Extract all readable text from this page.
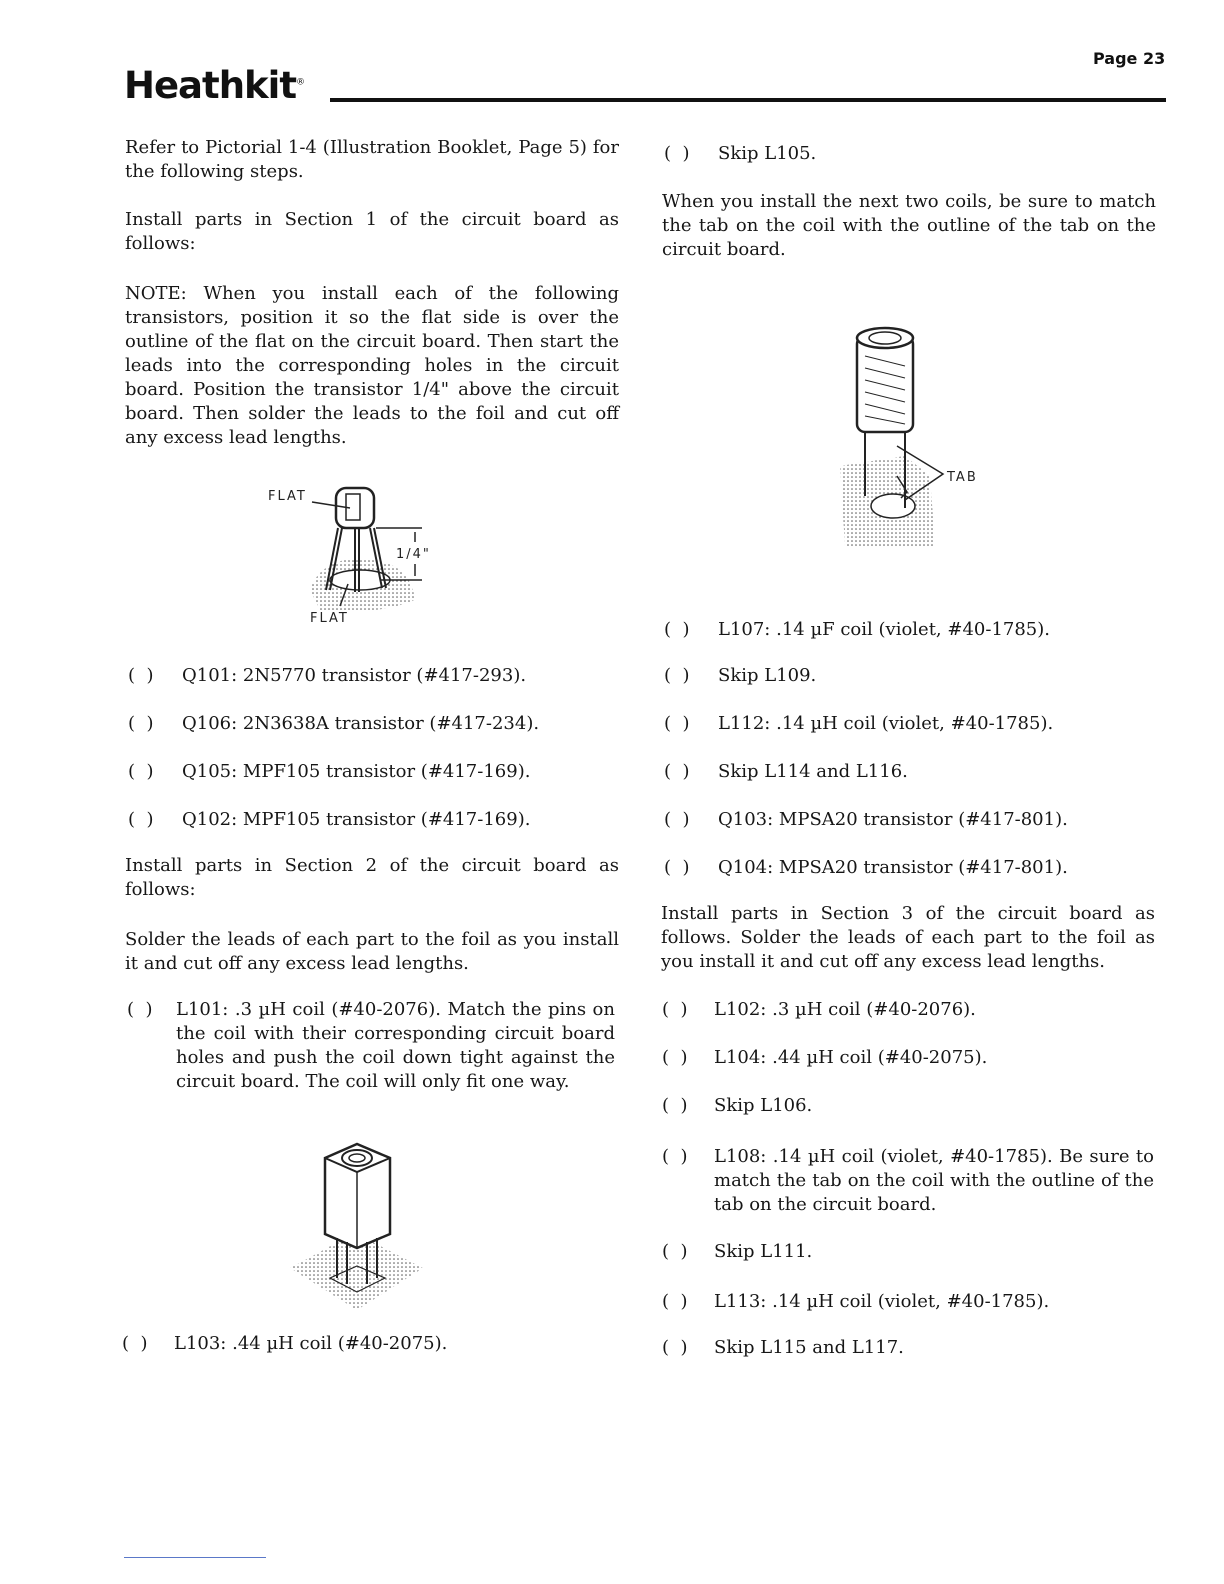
Heathkit®
Page 23

Refer to Pictorial 1-4 (Illustration Booklet, Page 5) for the following steps.

Install parts in Section 1 of the circuit board as follows:

NOTE: When you install each of the following transistors, position it so the flat side is over the outline of the flat on the circuit board. Then start the leads into the corresponding holes in the circuit board. Position the transistor 1/4" above the circuit board. Then solder the leads to the foil and cut off any excess lead lengths.

FLAT
1/4"
FLAT
(  ) Q101: 2N5770 transistor (#417-293).
(  ) Q106: 2N3638A transistor (#417-234).
(  ) Q105: MPF105 transistor (#417-169).
(  ) Q102: MPF105 transistor (#417-169).

Install parts in Section 2 of the circuit board as follows:

Solder the leads of each part to the foil as you install it and cut off any excess lead lengths.

(  ) L101: .3 µH coil (#40-2076). Match the pins on the coil with their corresponding circuit board holes and push the coil down tight against the circuit board. The coil will only fit one way.
(  ) L103: .44 µH coil (#40-2075).
(  ) Skip L105.

When you install the next two coils, be sure to match the tab on the coil with the outline of the tab on the circuit board.

TAB
(  ) L107: .14 µF coil (violet, #40-1785).
(  ) Skip L109.
(  ) L112: .14 µH coil (violet, #40-1785).
(  ) Skip L114 and L116.
(  ) Q103: MPSA20 transistor (#417-801).
(  ) Q104: MPSA20 transistor (#417-801).

Install parts in Section 3 of the circuit board as follows. Solder the leads of each part to the foil as you install it and cut off any excess lead lengths.

(  ) L102: .3 µH coil (#40-2076).
(  ) L104: .44 µH coil (#40-2075).
(  ) Skip L106.
(  ) L108: .14 µH coil (violet, #40-1785). Be sure to match the tab on the coil with the outline of the tab on the circuit board.
(  ) Skip L111.
(  ) L113: .14 µH coil (violet, #40-1785).
(  ) Skip L115 and L117.
